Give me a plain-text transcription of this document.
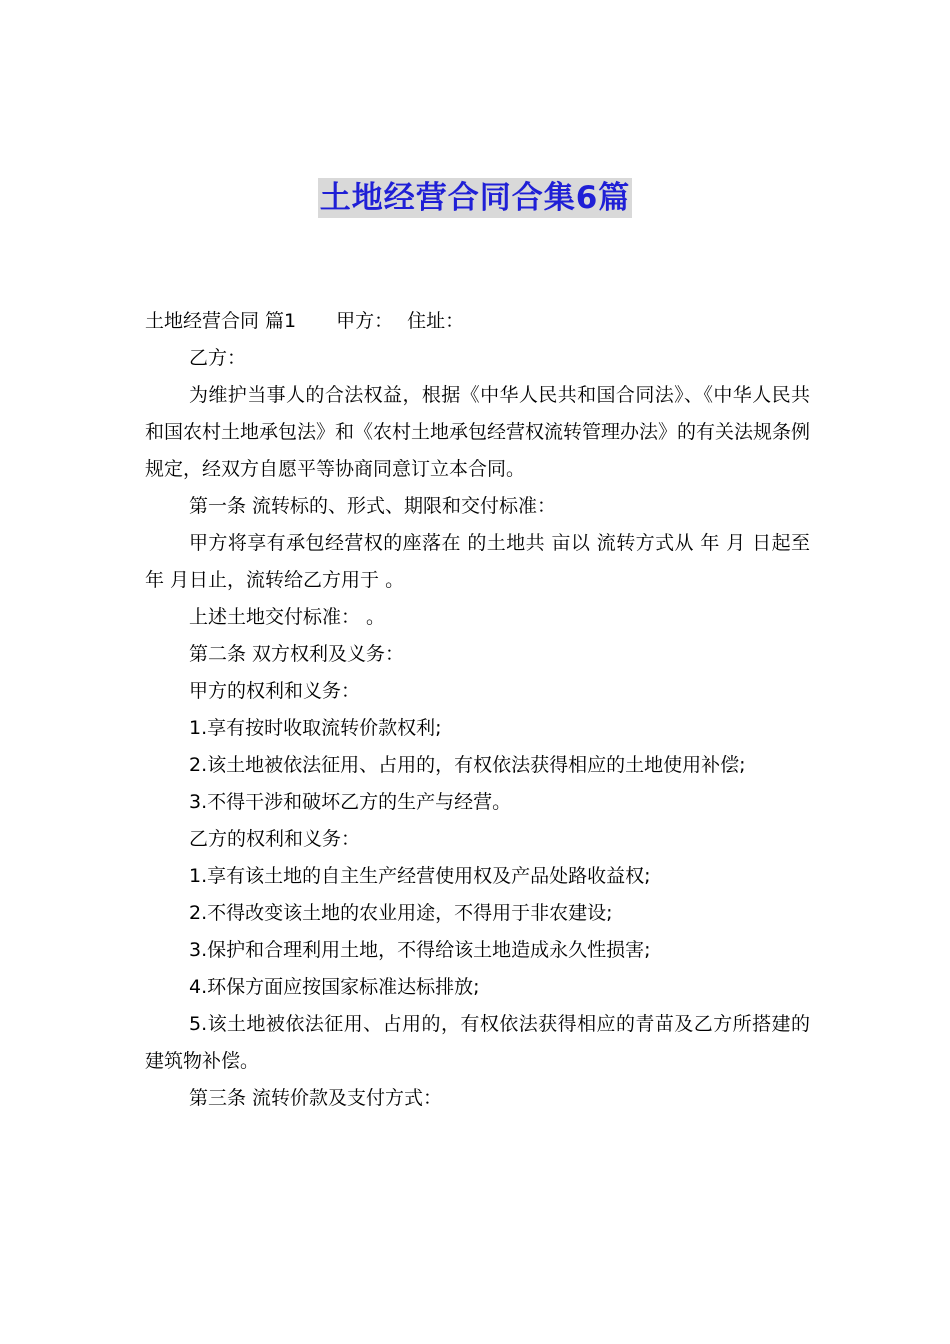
土地经营合同合集6篇

土地经营合同 篇1 甲方： 住址：

乙方：

为维护当事人的合法权益，根据《中华人民共和国合同法》、《中华人民共和国农村土地承包法》和《农村土地承包经营权流转管理办法》的有关法规条例规定，经双方自愿平等协商同意订立本合同。

第一条 流转标的、形式、期限和交付标准：

甲方将享有承包经营权的座落在 的土地共 亩以 流转方式从 年 月 日起至 年 月日止，流转给乙方用于 。

上述土地交付标准： 。

第二条 双方权利及义务：

甲方的权利和义务：

1.享有按时收取流转价款权利;

2.该土地被依法征用、占用的，有权依法获得相应的土地使用补偿;

3.不得干涉和破坏乙方的生产与经营。

乙方的权利和义务：

1.享有该土地的自主生产经营使用权及产品处路收益权;

2.不得改变该土地的农业用途，不得用于非农建设;

3.保护和合理利用土地，不得给该土地造成永久性损害;

4.环保方面应按国家标准达标排放;

5.该土地被依法征用、占用的，有权依法获得相应的青苗及乙方所搭建的建筑物补偿。

第三条 流转价款及支付方式：
